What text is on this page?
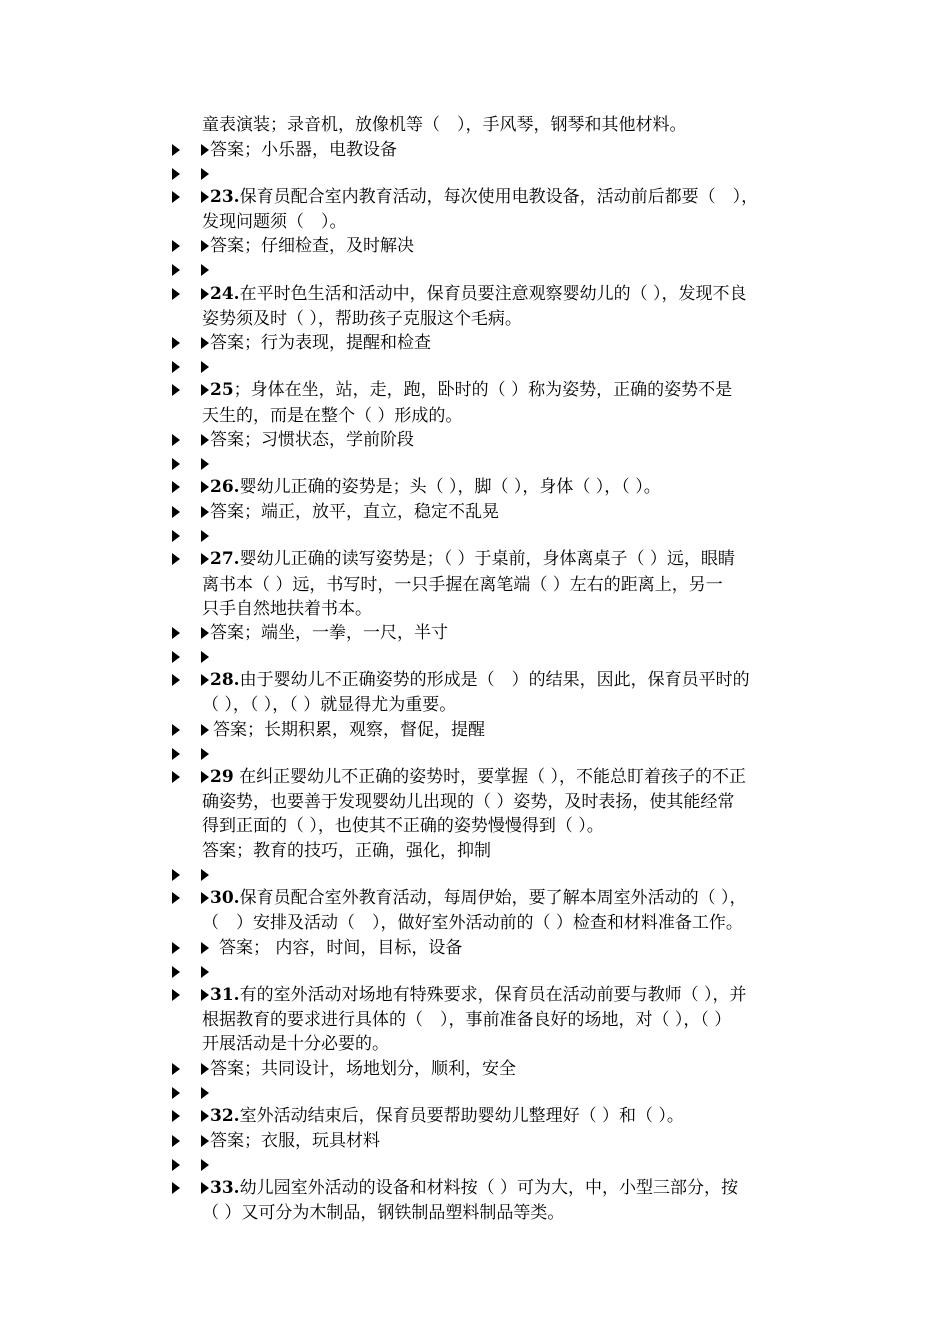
童表演装；录音机，放像机等（　），手风琴，钢琴和其他材料。
答案；小乐器，电教设备
23.保育员配合室内教育活动，每次使用电教设备，活动前后都要（　），
发现问题须（　）。
答案；仔细检查，及时解决
24.在平时色生活和活动中，保育员要注意观察婴幼儿的（ ），发现不良
姿势须及时（ ），帮助孩子克服这个毛病。
答案；行为表现，提醒和检查
25；身体在坐，站，走，跑，卧时的（ ）称为姿势，正确的姿势不是
天生的，而是在整个（ ）形成的。
答案；习惯状态，学前阶段
26.婴幼儿正确的姿势是；头（ ），脚（ ），身体（ ），（ ）。
答案；端正，放平，直立，稳定不乱晃
27.婴幼儿正确的读写姿势是；（ ）于桌前，身体离桌子（ ）远，眼睛
离书本（ ）远，书写时，一只手握在离笔端（ ）左右的距离上，另一
只手自然地扶着书本。
答案；端坐，一拳，一尺，半寸
28.由于婴幼儿不正确姿势的形成是（　）的结果，因此，保育员平时的
（ ），（ ），（ ）就显得尤为重要。
答案；长期积累，观察，督促，提醒
29 在纠正婴幼儿不正确的姿势时，要掌握（ ），不能总盯着孩子的不正
确姿势，也要善于发现婴幼儿出现的（ ）姿势，及时表扬，使其能经常
得到正面的（ ），也使其不正确的姿势慢慢得到（ ）。
答案；教育的技巧，正确，强化，抑制
30.保育员配合室外教育活动，每周伊始，要了解本周室外活动的（ ），
（　）安排及活动（　），做好室外活动前的（ ）检查和材料准备工作。
答案； 内容，时间，目标，设备
31.有的室外活动对场地有特殊要求，保育员在活动前要与教师（ ），并
根据教育的要求进行具体的（　），事前准备良好的场地，对（ ），（ ）
开展活动是十分必要的。
答案；共同设计，场地划分，顺利，安全
32.室外活动结束后，保育员要帮助婴幼儿整理好（ ）和（ ）。
答案；衣服，玩具材料
33.幼儿园室外活动的设备和材料按（ ）可为大，中，小型三部分，按
（ ）又可分为木制品，钢铁制品塑料制品等类。
